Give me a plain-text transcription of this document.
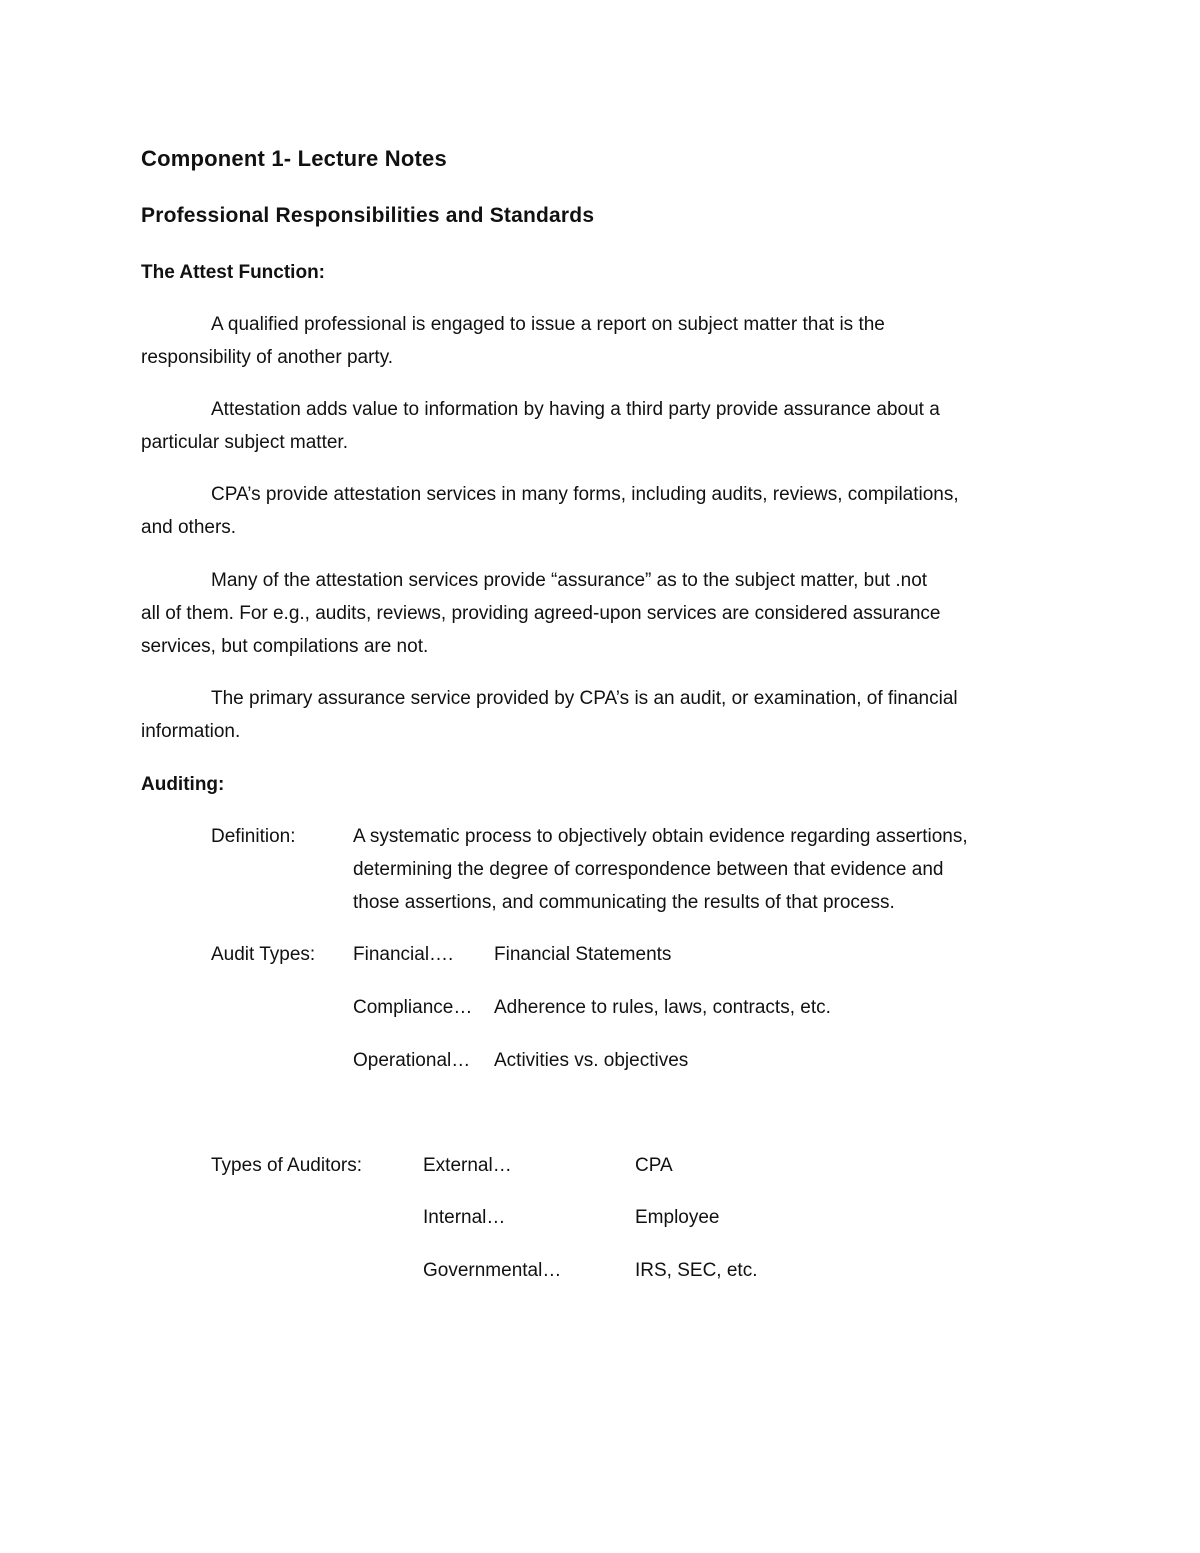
Component 1- Lecture Notes
Professional Responsibilities and Standards
The Attest Function:
A qualified professional is engaged to issue a report on subject matter that is the
responsibility of another party.
Attestation adds value to information by having a third party provide assurance about a
particular subject matter.
CPA’s provide attestation services in many forms, including audits, reviews, compilations,
and others.
Many of the attestation services provide “assurance” as to the subject matter, but .not
all of them. For e.g., audits, reviews, providing agreed-upon services are considered assurance
services, but compilations are not.
The primary assurance service provided by CPA’s is an audit, or examination, of financial
information.
Auditing:
Definition:	A systematic process to objectively obtain evidence regarding assertions,
determining the degree of correspondence between that evidence and
those assertions, and communicating the results of that process.
Audit Types: Financial…. Financial Statements
Compliance… Adherence to rules, laws, contracts, etc.
Operational… Activities vs. objectives
Types of Auditors:	External…	CPA
Internal…	Employee
Governmental…	IRS, SEC, etc.
